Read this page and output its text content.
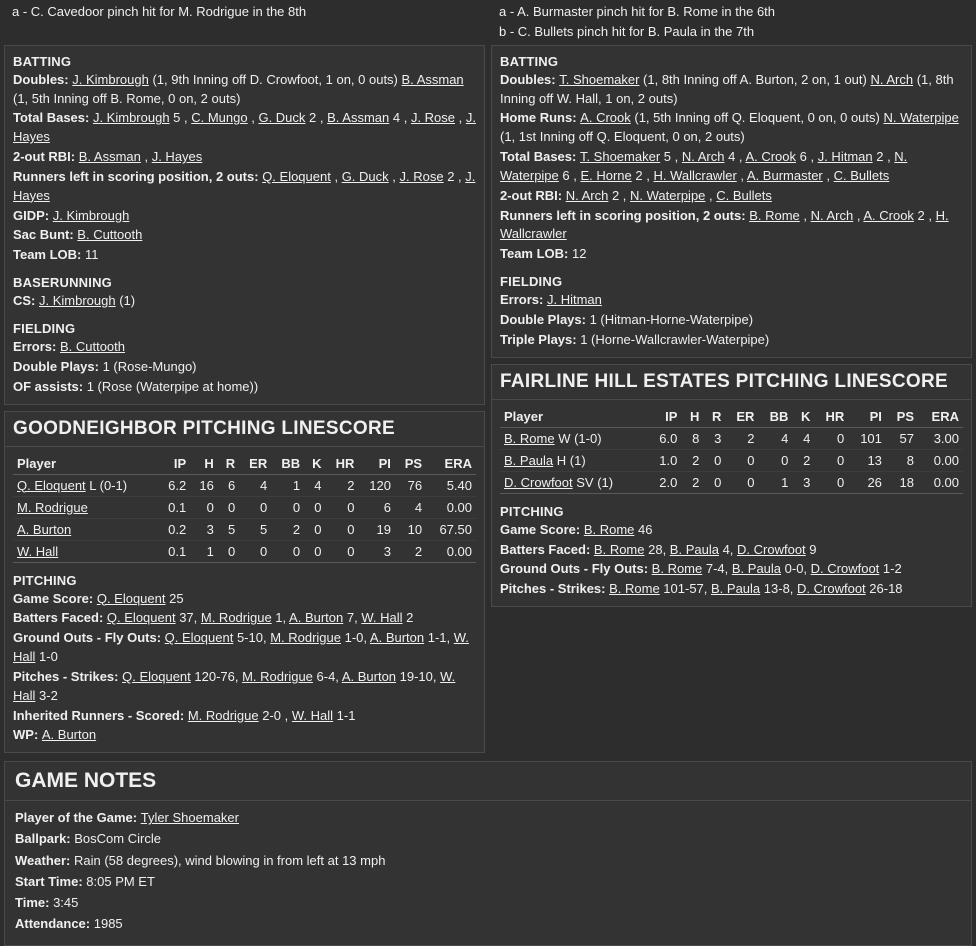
a - C. Cavedoor pinch hit for M. Rodrigue in the 8th	a - A. Burmaster pinch hit for B. Rome in the 6th
b - C. Bullets pinch hit for B. Paula in the 7th
BATTING
Doubles: J. Kimbrough (1, 9th Inning off D. Crowfoot, 1 on, 0 outs) B. Assman (1, 5th Inning off B. Rome, 0 on, 2 outs)
Total Bases: J. Kimbrough 5 , C. Mungo , G. Duck 2 , B. Assman 4 , J. Rose , J. Hayes
2-out RBI: B. Assman , J. Hayes
Runners left in scoring position, 2 outs: Q. Eloquent , G. Duck , J. Rose 2 , J. Hayes
GIDP: J. Kimbrough
Sac Bunt: B. Cuttooth
Team LOB: 11
BASERUNNING
CS: J. Kimbrough (1)
FIELDING
Errors: B. Cuttooth
Double Plays: 1 (Rose-Mungo)
OF assists: 1 (Rose (Waterpipe at home))
GOODNEIGHBOR PITCHING LINESCORE
Player	IP	H	R	ER	BB	K	HR	PI	PS	ERA
Q. Eloquent L (0-1)	6.2	16	6	4	1	4	2	120	76	5.40
M. Rodrigue	0.1	0	0	0	0	0	0	6	4	0.00
A. Burton	0.2	3	5	5	2	0	0	19	10	67.50
W. Hall	0.1	1	0	0	0	0	0	3	2	0.00
PITCHING
Game Score: Q. Eloquent 25
Batters Faced: Q. Eloquent 37, M. Rodrigue 1, A. Burton 7, W. Hall 2
Ground Outs - Fly Outs: Q. Eloquent 5-10, M. Rodrigue 1-0, A. Burton 1-1, W. Hall 1-0
Pitches - Strikes: Q. Eloquent 120-76, M. Rodrigue 6-4, A. Burton 19-10, W. Hall 3-2
Inherited Runners - Scored: M. Rodrigue 2-0 , W. Hall 1-1
WP: A. Burton
BATTING
Doubles: T. Shoemaker (1, 8th Inning off A. Burton, 2 on, 1 out) N. Arch (1, 8th Inning off W. Hall, 1 on, 2 outs)
Home Runs: A. Crook (1, 5th Inning off Q. Eloquent, 0 on, 0 outs) N. Waterpipe (1, 1st Inning off Q. Eloquent, 0 on, 2 outs)
Total Bases: T. Shoemaker 5 , N. Arch 4 , A. Crook 6 , J. Hitman 2 , N. Waterpipe 6 , E. Horne 2 , H. Wallcrawler , A. Burmaster , C. Bullets
2-out RBI: N. Arch 2 , N. Waterpipe , C. Bullets
Runners left in scoring position, 2 outs: B. Rome , N. Arch , A. Crook 2 , H. Wallcrawler
Team LOB: 12
FIELDING
Errors: J. Hitman
Double Plays: 1 (Hitman-Horne-Waterpipe)
Triple Plays: 1 (Horne-Wallcrawler-Waterpipe)
FAIRLINE HILL ESTATES PITCHING LINESCORE
Player	IP	H	R	ER	BB	K	HR	PI	PS	ERA
B. Rome W (1-0)	6.0	8	3	2	4	4	0	101	57	3.00
B. Paula H (1)	1.0	2	0	0	0	2	0	13	8	0.00
D. Crowfoot SV (1)	2.0	2	0	0	1	3	0	26	18	0.00
PITCHING
Game Score: B. Rome 46
Batters Faced: B. Rome 28, B. Paula 4, D. Crowfoot 9
Ground Outs - Fly Outs: B. Rome 7-4, B. Paula 0-0, D. Crowfoot 1-2
Pitches - Strikes: B. Rome 101-57, B. Paula 13-8, D. Crowfoot 26-18
GAME NOTES
Player of the Game: Tyler Shoemaker
Ballpark: BosCom Circle
Weather: Rain (58 degrees), wind blowing in from left at 13 mph
Start Time: 8:05 PM ET
Time: 3:45
Attendance: 1985
